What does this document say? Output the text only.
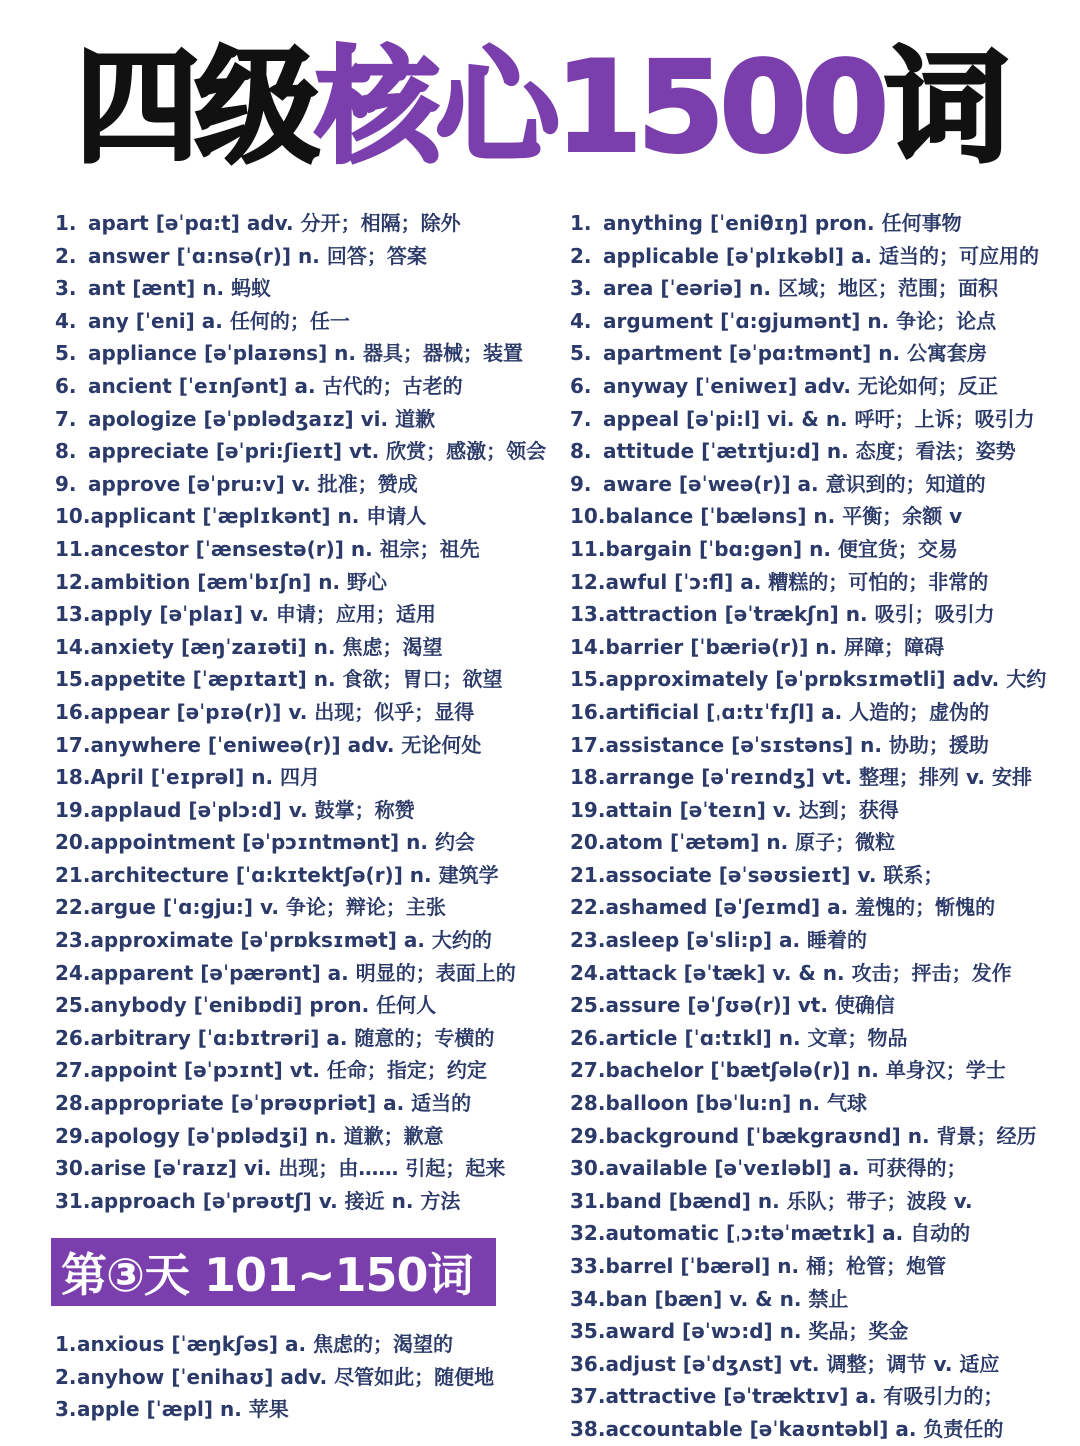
四级 核心1500 词
1. apart [əˈpɑ:t] adv. 分开；相隔；除外
2. answer [ˈɑ:nsə(r)] n. 回答；答案
3. ant [ænt] n. 蚂蚁
4. any [ˈeni] a. 任何的；任一
5. appliance [əˈplaɪəns] n. 器具；器械；装置
6. ancient [ˈeɪnʃənt] a. 古代的；古老的
7. apologize [əˈpɒlədʒaɪz] vi. 道歉
8. appreciate [əˈpri:ʃieɪt] vt. 欣赏；感激；领会
9. approve [əˈpru:v] v. 批准；赞成
10. applicant [ˈæplɪkənt] n. 申请人
11. ancestor [ˈænsestə(r)] n. 祖宗；祖先
12. ambition [æmˈbɪʃn] n. 野心
13. apply [əˈplaɪ] v. 申请；应用；适用
14. anxiety [æŋˈzaɪəti] n. 焦虑；渴望
15. appetite [ˈæpɪtaɪt] n. 食欲；胃口；欲望
16. appear [əˈpɪə(r)] v. 出现；似乎；显得
17. anywhere [ˈeniweə(r)] adv. 无论何处
18. April [ˈeɪprəl] n. 四月
19. applaud [əˈplɔ:d] v. 鼓掌；称赞
20. appointment [əˈpɔɪntmənt] n. 约会
21. architecture [ˈɑ:kɪtektʃə(r)] n. 建筑学
22. argue [ˈɑ:gju:] v. 争论；辩论；主张
23. approximate [əˈprɒksɪmət] a. 大约的
24. apparent [əˈpærənt] a. 明显的；表面上的
25. anybody [ˈenibɒdi] pron. 任何人
26. arbitrary [ˈɑ:bɪtrəri] a. 随意的；专横的
27. appoint [əˈpɔɪnt] vt. 任命；指定；约定
28. appropriate [əˈprəʊpriət] a. 适当的
29. apology [əˈpɒlədʒi] n. 道歉；歉意
30. arise [əˈraɪz] vi. 出现；由…… 引起；起来
31. approach [əˈprəʊtʃ] v. 接近 n. 方法
1. anything [ˈeniθɪŋ] pron. 任何事物
2. applicable [əˈplɪkəbl] a. 适当的；可应用的
3. area [ˈeəriə] n. 区域；地区；范围；面积
4. argument [ˈɑ:gjumənt] n. 争论；论点
5. apartment [əˈpɑ:tmənt] n. 公寓套房
6. anyway [ˈeniweɪ] adv. 无论如何；反正
7. appeal [əˈpi:l] vi. & n. 呼吁；上诉；吸引力
8. attitude [ˈætɪtju:d] n. 态度；看法；姿势
9. aware [əˈweə(r)] a. 意识到的；知道的
10. balance [ˈbæləns] n. 平衡；余额 v
11. bargain [ˈbɑ:gən] n. 便宜货；交易
12. awful [ˈɔ:fl] a. 糟糕的；可怕的；非常的
13. attraction [əˈtrækʃn] n. 吸引；吸引力
14. barrier [ˈbæriə(r)] n. 屏障；障碍
15. approximately [əˈprɒksɪmətli] adv. 大约
16. artificial [ˌɑ:tɪˈfɪʃl] a. 人造的；虚伪的
17. assistance [əˈsɪstəns] n. 协助；援助
18. arrange [əˈreɪndʒ] vt. 整理；排列 v. 安排
19. attain [əˈteɪn] v. 达到；获得
20. atom [ˈætəm] n. 原子；微粒
21. associate [əˈsəʊsieɪt] v. 联系；
22. ashamed [əˈʃeɪmd] a. 羞愧的；惭愧的
23. asleep [əˈsli:p] a. 睡着的
24. attack [əˈtæk] v. & n. 攻击；抨击；发作
25. assure [əˈʃʊə(r)] vt. 使确信
26. article [ˈɑ:tɪkl] n. 文章；物品
27. bachelor [ˈbætʃələ(r)] n. 单身汉；学士
28. balloon [bəˈlu:n] n. 气球
29. background [ˈbækgraʊnd] n. 背景；经历
30. available [əˈveɪləbl] a. 可获得的；
31. band [bænd] n. 乐队；带子；波段 v.
32. automatic [ˌɔ:təˈmætɪk] a. 自动的
33. barrel [ˈbærəl] n. 桶；枪管；炮管
34. ban [bæn] v. & n. 禁止
35. award [əˈwɔ:d] n. 奖品；奖金
36. adjust [əˈdʒʌst] vt. 调整；调节 v. 适应
37. attractive [əˈtræktɪv] a. 有吸引力的；
38. accountable [əˈkaʊntəbl] a. 负责任的
第③天 101~150词
1. anxious [ˈæŋkʃəs] a. 焦虑的；渴望的
2. anyhow [ˈenihaʊ] adv. 尽管如此；随便地
3. apple [ˈæpl] n. 苹果
